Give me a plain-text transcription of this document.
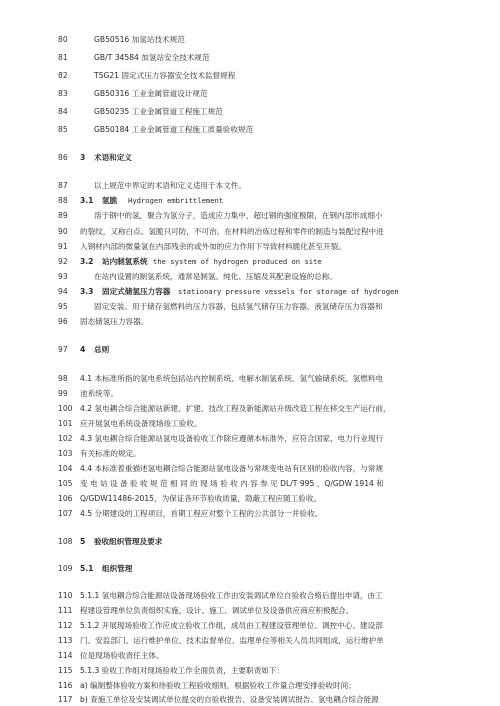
80	GB50516 加氢站技术规范
81	GB/T 34584 加氢站安全技术规范
82	TSG21 固定式压力容器安全技术监督规程
83	GB50316 工业金属管道设计规范
84	GB50235 工业金属管道工程施工规范
85	GB50184 工业金属管道工程施工质量验收规范
86	3 术语和定义
87	以上规范中界定的术语和定义适用于本文件。
88	3.1 氢脆 Hydrogen embrittlement
89	溶于钢中的氢，聚合为氢分子，造成应力集中，超过钢的强度极限，在钢内部形成细小
90	的裂纹，又称白点。氢脆只可防，不可治。在材料的冶炼过程和零件的制造与装配过程中进
91	入钢材内部的微量氢在内部残余的或外加的应力作用下导致材料脆化甚至开裂。
92	3.2 站内制氢系统 the system of hydrogen produced on site
93	在站内设置的制氢系统，通常是制氢、纯化、压缩及其配套设施的总称。
94	3.3 固定式储氢压力容器 stationary pressure vessels for storage of hydrogen
95	固定安装、用于储存氢燃料的压力容器，包括氢气储存压力容器、液氢储存压力容器和
96	固态储氢压力容器。
97	4 总则
98	4.1 本标准所指的氢电系统包括站内控制系统、电解水制氢系统、氢气输储系统、氢燃料电
99	池系统等。
100 4.2 氢电耦合综合能源站新建、扩建、技改工程及新能源站升级改造工程在移交生产运行前，
101 应开展氢电系统设备现场竣工验收。
102 4.3 氢电耦合综合能源站氢电设备验收工作除应遵循本标准外，应符合国家、电力行业现行
103 有关标准的规定。
104 4.4 本标准着重描述氢电耦合综合能源站氢电设备与常规变电站有区别的验收内容，与常规
105 变 电 站 设 备 验 收 规 范 相 同 的 现 场 验 收 内 容 参 见 DL/T 995 、Q/GDW 1914 和
106 Q/GDW11486-2015，为保证各环节验收质量，隐蔽工程应随工验收。
107 4.5 分期建设的工程项目，首期工程应对整个工程的公共部分一并验收。
108 5 验收组织管理及要求
109 5.1 组织管理
110 5.1.1 氢电耦合综合能源站设备现场验收工作由安装调试单位自验收合格后提出申请，由工
111 程建设管理单位负责组织实施，设计、施工、调试单位及设备供应商应积极配合。
112 5.1.2 开展现场验收工作应成立验收工作组，成员由工程建设管理单位、调控中心、建设部
113 门、安监部门、运行维护单位、技术监督单位、监理单位等相关人员共同组成，运行维护单
114 位是现场验收责任主体。
115 5.1.3 验收工作组对现场验收工作全面负责，主要职责如下：
116 a) 编制整体验收方案和待验收工程验收细则，根据验收工作量合理安排验收时间；
117 b) 查施工单位及安装调试单位提交的自验收报告、设备安装调试报告、氢电耦合综合能源
